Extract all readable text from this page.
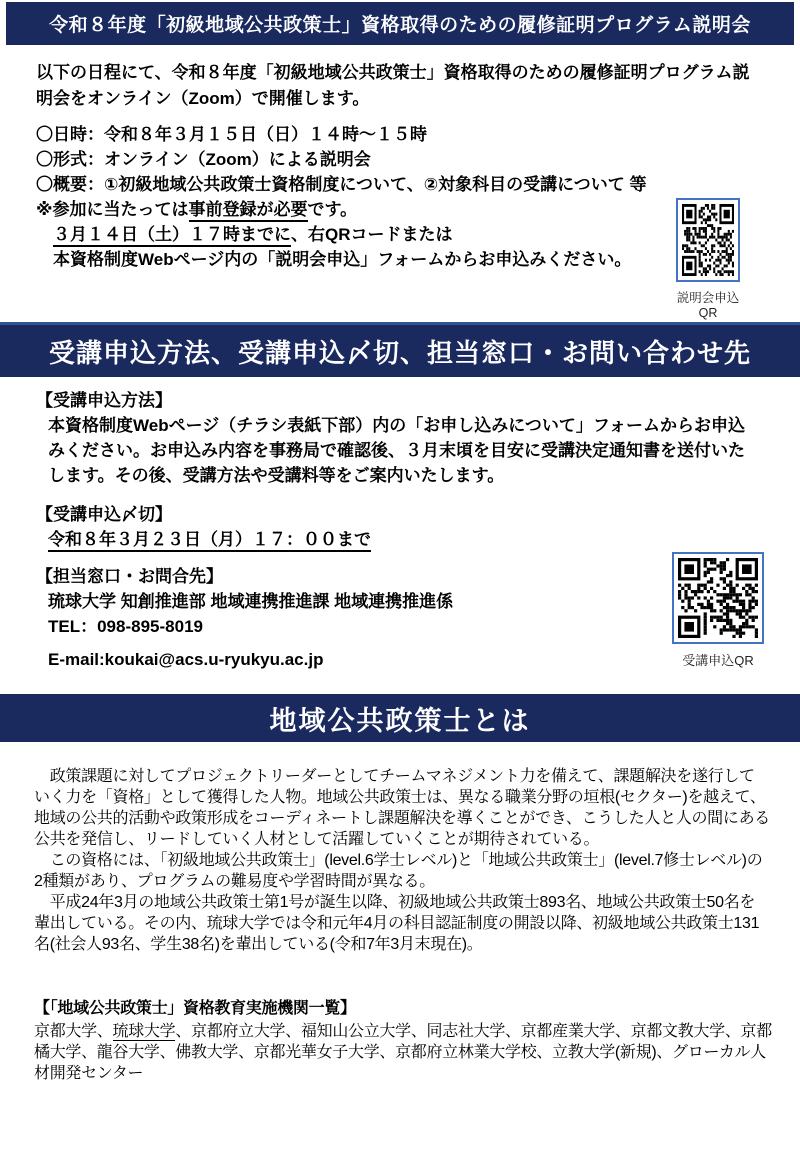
令和８年度「初級地域公共政策士」資格取得のための履修証明プログラム説明会
以下の日程にて、令和８年度「初級地域公共政策士」資格取得のための履修証明プログラム説明会をオンライン（Zoom）で開催します。
〇日時：令和８年３月１５日（日）１４時～１５時
〇形式：オンライン（Zoom）による説明会
〇概要：①初級地域公共政策士資格制度について、②対象科目の受講について 等
※参加に当たっては事前登録が必要です。
３月１４日（土）１７時までに、右QRコードまたは
本資格制度Webページ内の「説明会申込」フォームからお申込みください。
説明会申込QR
受講申込方法、受講申込〆切、担当窓口・お問い合わせ先
【受講申込方法】
本資格制度Webページ（チラシ表紙下部）内の「お申し込みについて」フォームからお申込みください。お申込み内容を事務局で確認後、３月末頃を目安に受講決定通知書を送付いたします。その後、受講方法や受講料等をご案内いたします。
【受講申込〆切】
令和８年３月２３日（月）１７：００まで
【担当窓口・お問合先】
琉球大学 知創推進部 地域連携推進課 地域連携推進係
TEL：098-895-8019
E-mail:koukai@acs.u-ryukyu.ac.jp	受講申込QR
地域公共政策士とは

　政策課題に対してプロジェクトリーダーとしてチームマネジメント力を備えて、課題解決を遂行していく力を「資格」として獲得した人物。地域公共政策士は、異なる職業分野の垣根(セクター)を越えて、地域の公共的活動や政策形成をコーディネートし課題解決を導くことができ、こうした人と人の間にある公共を発信し、リードしていく人材として活躍していくことが期待されている。

　この資格には、「初級地域公共政策士」(level.6学士レベル)と「地域公共政策士」(level.7修士レベル)の2種類があり、プログラムの難易度や学習時間が異なる。

　平成24年3月の地域公共政策士第1号が誕生以降、初級地域公共政策士893名、地域公共政策士50名を輩出している。その内、琉球大学では令和元年4月の科目認証制度の開設以降、初級地域公共政策士131名(社会人93名、学生38名)を輩出している(令和7年3月末現在)。

【「地域公共政策士」資格教育実施機関一覧】
京都大学、琉球大学、京都府立大学、福知山公立大学、同志社大学、京都産業大学、京都文教大学、京都橘大学、龍谷大学、佛教大学、京都光華女子大学、京都府立林業大学校、立教大学(新規)、グローカル人材開発センター
